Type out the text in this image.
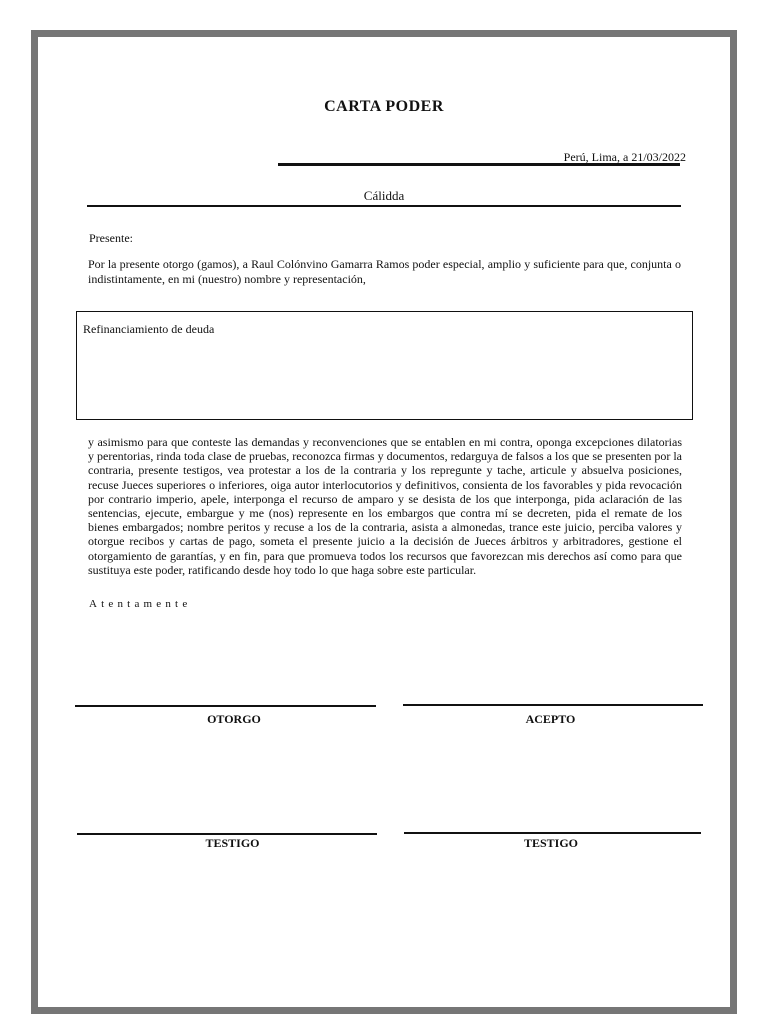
CARTA PODER
Perú, Lima, a 21/03/2022
Cálidda
Presente:
Por la presente otorgo (gamos), a Raul Colónvino Gamarra Ramos poder especial, amplio y suficiente para que, conjunta o indistintamente, en mi (nuestro) nombre y representación,
Refinanciamiento de deuda
y asimismo para que conteste las demandas y reconvenciones que se entablen en mi contra, oponga excepciones dilatorias y perentorias, rinda toda clase de pruebas, reconozca firmas y documentos, redarguya de falsos a los que se presenten por la contraria, presente testigos, vea protestar a los de la contraria y los repregunte y tache, articule y absuelva posiciones, recuse Jueces superiores o inferiores, oiga autor interlocutorios y definitivos, consienta de los favorables y pida revocación por contrario imperio, apele, interponga el recurso de amparo y se desista de los que interponga, pida aclaración de las sentencias, ejecute, embargue y me (nos) represente en los embargos que contra mí se decreten, pida el remate de los bienes embargados; nombre peritos y recuse a los de la contraria, asista a almonedas, trance este juicio, perciba valores y otorgue recibos y cartas de pago, someta el presente juicio a la decisión de Jueces árbitros y arbitradores, gestione el otorgamiento de garantías, y en fin, para que promueva todos los recursos que favorezcan mis derechos así como para que sustituya este poder, ratificando desde hoy todo lo que haga sobre este particular.
Atentamente
OTORGO	ACEPTO
TESTIGO	TESTIGO
